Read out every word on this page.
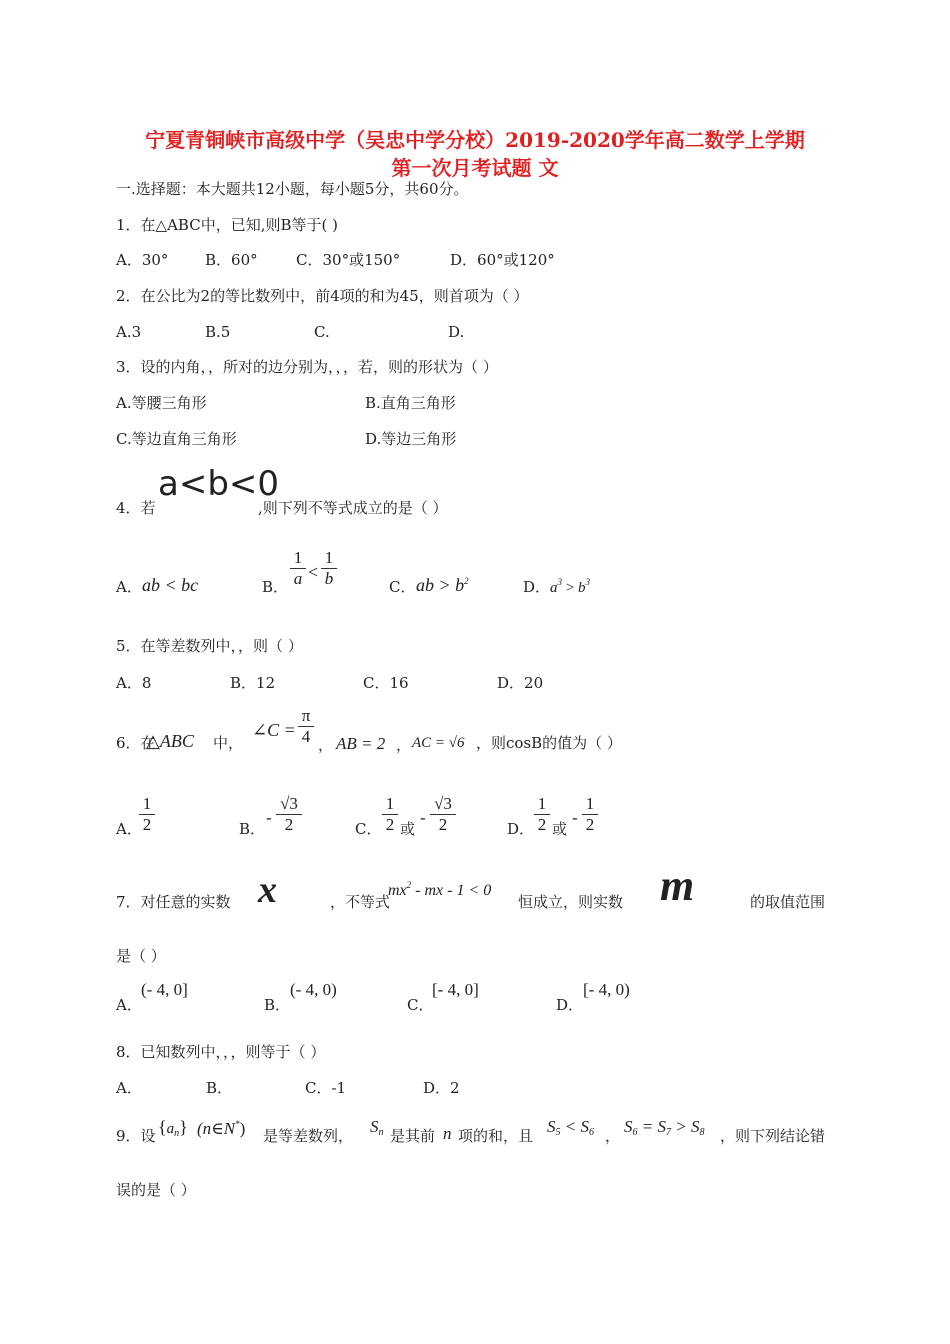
宁夏青铜峡市高级中学（吴忠中学分校）2019-2020学年高二数学上学期
第一次月考试题 文
一.选择题：本大题共12小题，每小题5分，共60分。
1．在△ABC中，已知,则B等于( )
A．30° B．60°	C．30°或150°	D．60°或120°
2．在公比为2的等比数列中，前4项的和为45，则首项为（ ）
A.3	B.5	C.	D.
3．设的内角，，所对的边分别为，，，若，则的形状为（ ）
A.等腰三角形	B.直角三角形
C.等边直角三角形	D.等边三角形
4．若
a<b<0
,则下列不等式成立的是（ ）
A． ab < bc	B．
1
a <
1
b	C． ab > $b^2$	D． $a^3 > b^3$
5．在等差数列中，，则（ ）
A．8	B．12	C．16	D．20
6．在
△ABC 中，
∠C =
π
4 ， AB = 2 ， AC = √6 ，则cosB的值为（ ）
A．
1
2	B．
-
√3
2	C．
1
2 或
-
√3
2	D．
1
2 或
-
1
2
7．对任意的实数 x	，不等式
$mx^2$ - mx - 1 < 0
恒成立，则实数 m	的取值范围
是（ ）
A．
(- 4, 0]
B．
(- 4, 0)
C．
[- 4, 0]
D．
[- 4, 0)
8．已知数列中，，，则等于（ ）
A．	B．	C．-1	D．2
9．设 $\{a_n\}$ (n∈N*) 是等差数列， $S_n$ 是其前 n 项的和，且 $S_5 < S_6$ ， $S_6 = S_7 > S_8$ ，则下列结论错
误的是（ ）
